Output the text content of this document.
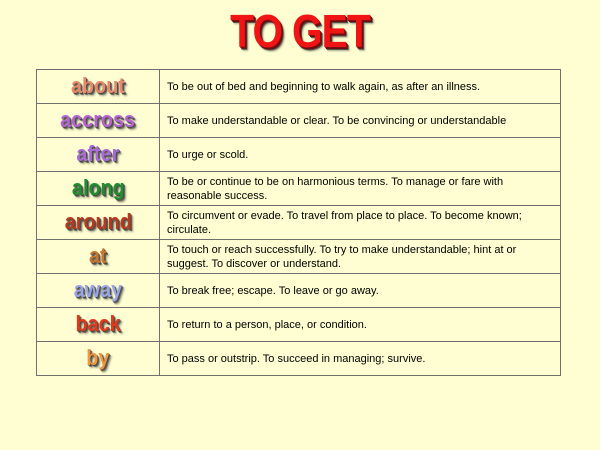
TO GET
about	To be out of bed and beginning to walk again, as after an illness.
accross	To make understandable or clear. To be convincing or understandable
after	To urge or scold.
along	To be or continue to be on harmonious terms. To manage or fare with reasonable success.
around	To circumvent or evade. To travel from place to place. To become known; circulate.
at	To touch or reach successfully. To try to make understandable; hint at or suggest. To discover or understand.
away	To break free; escape. To leave or go away.
back	To return to a person, place, or condition.
by	To pass or outstrip. To succeed in managing; survive.
